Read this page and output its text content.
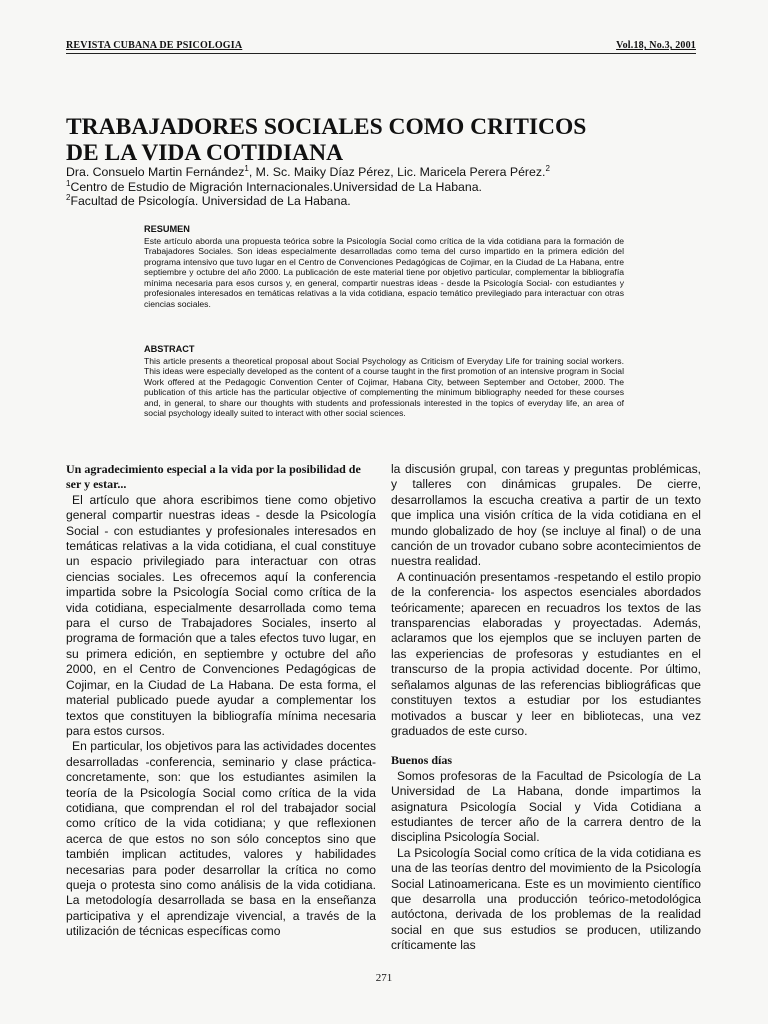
REVISTA CUBANA DE PSICOLOGIA	Vol.18, No.3, 2001
TRABAJADORES SOCIALES COMO CRITICOS
DE LA VIDA COTIDIANA
Dra. Consuelo Martin Fernández$^1$, M. Sc. Maiky Díaz Pérez, Lic. Maricela Perera Pérez.$^2$
$^1$Centro de Estudio de Migración Internacionales.Universidad de La Habana.
$^2$Facultad de Psicología. Universidad de La Habana.
RESUMEN

Este artículo aborda una propuesta teórica sobre la Psicología Social como crítica de la vida cotidiana para la formación de Trabajadores Sociales. Son ideas especialmente desarrolladas como tema del curso impartido en la primera edición del programa intensivo que tuvo lugar en el Centro de Convenciones Pedagógicas de Cojimar, en la Ciudad de La Habana, entre septiembre y octubre del año 2000. La publicación de este material tiene por objetivo particular, complementar la bibliografía mínima necesaria para esos cursos y, en general, compartir nuestras ideas - desde la Psicología Social- con estudiantes y profesionales interesados en temáticas relativas a la vida cotidiana, espacio temático previlegiado para interactuar con otras ciencias sociales.

ABSTRACT

This article presents a theoretical proposal about Social Psychology as Criticism of Everyday Life for training social workers. This ideas were especially developed as the content of a course taught in the first promotion of an intensive program in Social Work offered at the Pedagogic Convention Center of Cojimar, Habana City, between September and October, 2000. The publication of this article has the particular objective of complementing the minimum bibliography needed for these courses and, in general, to share our thoughts with students and professionals interested in the topics of everyday life, an area of social psychology ideally suited to interact with other social sciences.

Un agradecimiento especial a la vida por la posibilidad de ser y estar...

El artículo que ahora escribimos tiene como objetivo general compartir nuestras ideas - desde la Psicología Social - con estudiantes y profesionales interesados en temáticas relativas a la vida cotidiana, el cual constituye un espacio privilegiado para interactuar con otras ciencias sociales. Les ofrecemos aquí la conferencia impartida sobre la Psicología Social como crítica de la vida cotidiana, especialmente desarrollada como tema para el curso de Trabajadores Sociales, inserto al programa de formación que a tales efectos tuvo lugar, en su primera edición, en septiembre y octubre del año 2000, en el Centro de Convenciones Pedagógicas de Cojimar, en la Ciudad de La Habana. De esta forma, el material publicado puede ayudar a complementar los textos que constituyen la bibliografía mínima necesaria para estos cursos.

En particular, los objetivos para las actividades docentes desarrolladas -conferencia, seminario y clase práctica- concretamente, son: que los estudiantes asimilen la teoría de la Psicología Social como crítica de la vida cotidiana, que comprendan el rol del trabajador social como crítico de la vida cotidiana; y que reflexionen acerca de que estos no son sólo conceptos sino que también implican actitudes, valores y habilidades necesarias para poder desarrollar la crítica no como queja o protesta sino como análisis de la vida cotidiana. La metodología desarrollada se basa en la enseñanza participativa y el aprendizaje vivencial, a través de la utilización de técnicas específicas como

la discusión grupal, con tareas y preguntas problémicas, y talleres con dinámicas grupales. De cierre, desarrollamos la escucha creativa a partir de un texto que implica una visión crítica de la vida cotidiana en el mundo globalizado de hoy (se incluye al final) o de una canción de un trovador cubano sobre acontecimientos de nuestra realidad.

A continuación presentamos -respetando el estilo propio de la conferencia- los aspectos esenciales abordados teóricamente; aparecen en recuadros los textos de las transparencias elaboradas y proyectadas. Además, aclaramos que los ejemplos que se incluyen parten de las experiencias de profesoras y estudiantes en el transcurso de la propia actividad docente. Por último, señalamos algunas de las referencias bibliográficas que constituyen textos a estudiar por los estudiantes motivados a buscar y leer en bibliotecas, una vez graduados de este curso.

Buenos días

Somos profesoras de la Facultad de Psicología de La Universidad de La Habana, donde impartimos la asignatura Psicología Social y Vida Cotidiana a estudiantes de tercer año de la carrera dentro de la disciplina Psicología Social.

La Psicología Social como crítica de la vida cotidiana es una de las teorías dentro del movimiento de la Psicología Social Latinoamericana. Este es un movimiento científico que desarrolla una producción teórico-metodológica autóctona, derivada de los problemas de la realidad social en que sus estudios se producen, utilizando críticamente las

271
